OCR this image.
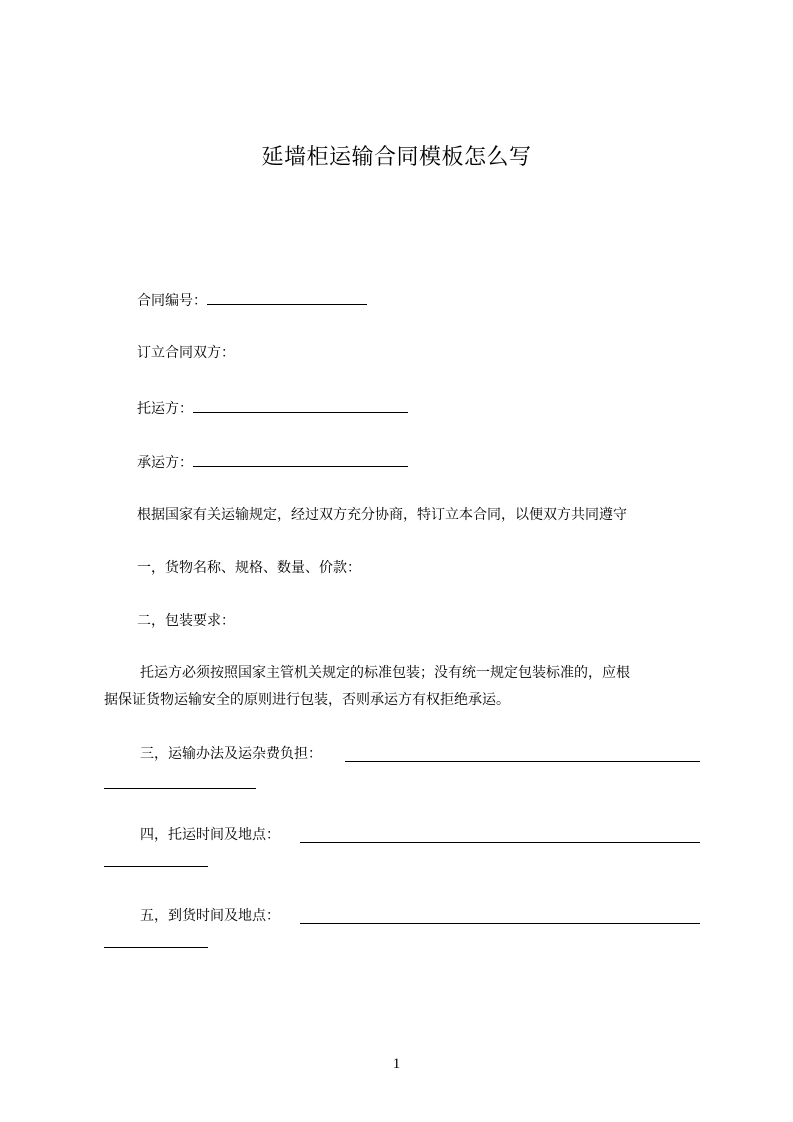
延墙柜运输合同模板怎么写
合同编号：
订立合同双方：
托运方：
承运方：
根据国家有关运输规定，经过双方充分协商，特订立本合同，以便双方共同遵守
一，货物名称、规格、数量、价款：
二，包装要求：
托运方必须按照国家主管机关规定的标准包装；没有统一规定包装标准的，应根
据保证货物运输安全的原则进行包装，否则承运方有权拒绝承运。
三，运输办法及运杂费负担：
四，托运时间及地点：
五，到货时间及地点：
1
